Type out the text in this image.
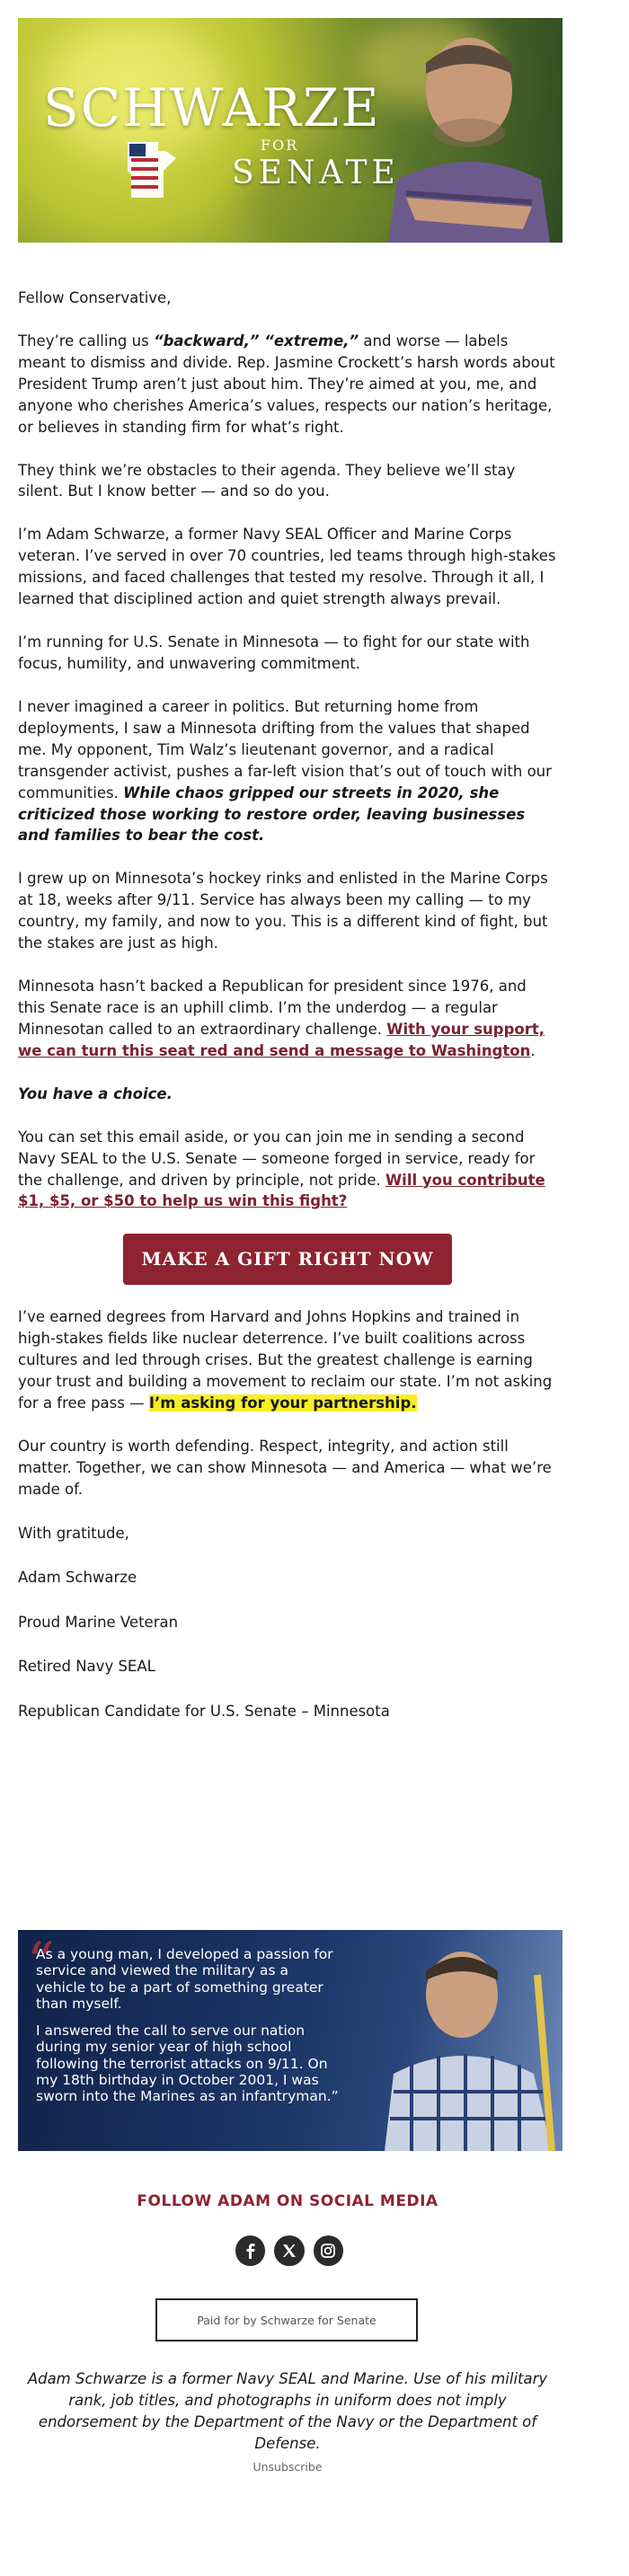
SCHWARZE
FOR
SENATE

Fellow Conservative,

They’re calling us “backward,” “extreme,” and worse — labels meant to dismiss and divide. Rep. Jasmine Crockett’s harsh words about President Trump aren’t just about him. They’re aimed at you, me, and anyone who cherishes America’s values, respects our nation’s heritage, or believes in standing firm for what’s right.

They think we’re obstacles to their agenda. They believe we’ll stay silent. But I know better — and so do you.

I’m Adam Schwarze, a former Navy SEAL Officer and Marine Corps veteran. I’ve served in over 70 countries, led teams through high-stakes missions, and faced challenges that tested my resolve. Through it all, I learned that disciplined action and quiet strength always prevail.

I’m running for U.S. Senate in Minnesota — to fight for our state with focus, humility, and unwavering commitment.

I never imagined a career in politics. But returning home from deployments, I saw a Minnesota drifting from the values that shaped me. My opponent, Tim Walz’s lieutenant governor, and a radical transgender activist, pushes a far-left vision that’s out of touch with our communities. While chaos gripped our streets in 2020, she criticized those working to restore order, leaving businesses and families to bear the cost.

I grew up on Minnesota’s hockey rinks and enlisted in the Marine Corps at 18, weeks after 9/11. Service has always been my calling — to my country, my family, and now to you. This is a different kind of fight, but the stakes are just as high.

Minnesota hasn’t backed a Republican for president since 1976, and this Senate race is an uphill climb. I’m the underdog — a regular Minnesotan called to an extraordinary challenge. With your support, we can turn this seat red and send a message to Washington.

You have a choice.

You can set this email aside, or you can join me in sending a second Navy SEAL to the U.S. Senate — someone forged in service, ready for the challenge, and driven by principle, not pride. Will you contribute $1, $5, or $50 to help us win this fight?

MAKE A GIFT RIGHT NOW

I’ve earned degrees from Harvard and Johns Hopkins and trained in high-stakes fields like nuclear deterrence. I’ve built coalitions across cultures and led through crises. But the greatest challenge is earning your trust and building a movement to reclaim our state. I’m not asking for a free pass — I’m asking for your partnership.

Our country is worth defending. Respect, integrity, and action still matter. Together, we can show Minnesota — and America — what we’re made of.

With gratitude,

Adam Schwarze

Proud Marine Veteran

Retired Navy SEAL

Republican Candidate for U.S. Senate – Minnesota

“

As a young man, I developed a passion for service and viewed the military as a vehicle to be a part of something greater than myself.

I answered the call to serve our nation during my senior year of high school following the terrorist attacks on 9/11. On my 18th birthday in October 2001, I was sworn into the Marines as an infantryman.”

FOLLOW ADAM ON SOCIAL MEDIA
Paid for by Schwarze for Senate
Adam Schwarze is a former Navy SEAL and Marine. Use of his military rank, job titles, and photographs in uniform does not imply endorsement by the Department of the Navy or the Department of Defense.
Unsubscribe
